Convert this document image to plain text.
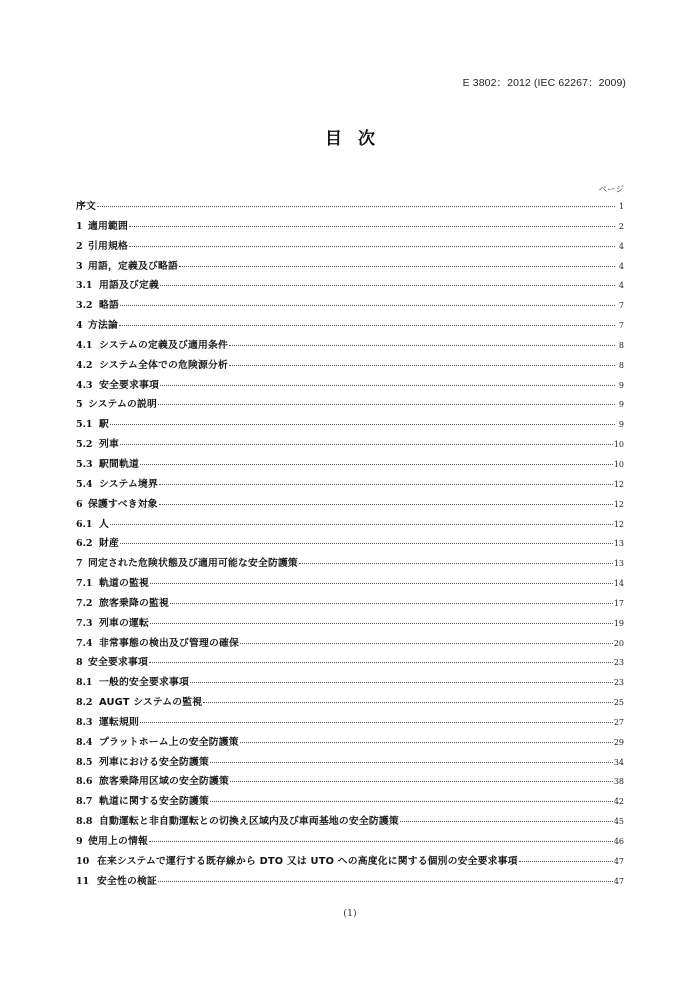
E 3802：2012 (IEC 62267：2009)
目次
ページ
序文	1
1 適用範囲	2
2 引用規格	4
3 用語，定義及び略語	4
3.1 用語及び定義	4
3.2 略語	7
4 方法論	7
4.1 システムの定義及び適用条件	8
4.2 システム全体での危険源分析	8
4.3 安全要求事項	9
5 システムの説明	9
5.1 駅	9
5.2 列車	10
5.3 駅間軌道	10
5.4 システム境界	12
6 保護すべき対象	12
6.1 人	12
6.2 財産	13
7 同定された危険状態及び適用可能な安全防護策	13
7.1 軌道の監視	14
7.2 旅客乗降の監視	17
7.3 列車の運転	19
7.4 非常事態の検出及び管理の確保	20
8 安全要求事項	23
8.1 一般的安全要求事項	23
8.2 AUGT システムの監視	25
8.3 運転規則	27
8.4 プラットホーム上の安全防護策	29
8.5 列車における安全防護策	34
8.6 旅客乗降用区域の安全防護策	38
8.7 軌道に関する安全防護策	42
8.8 自動運転と非自動運転との切換え区域内及び車両基地の安全防護策	45
9 使用上の情報	46
10 在来システムで運行する既存線から DTO 又は UTO への高度化に関する個別の安全要求事項	47
11 安全性の検証	47
(1)
